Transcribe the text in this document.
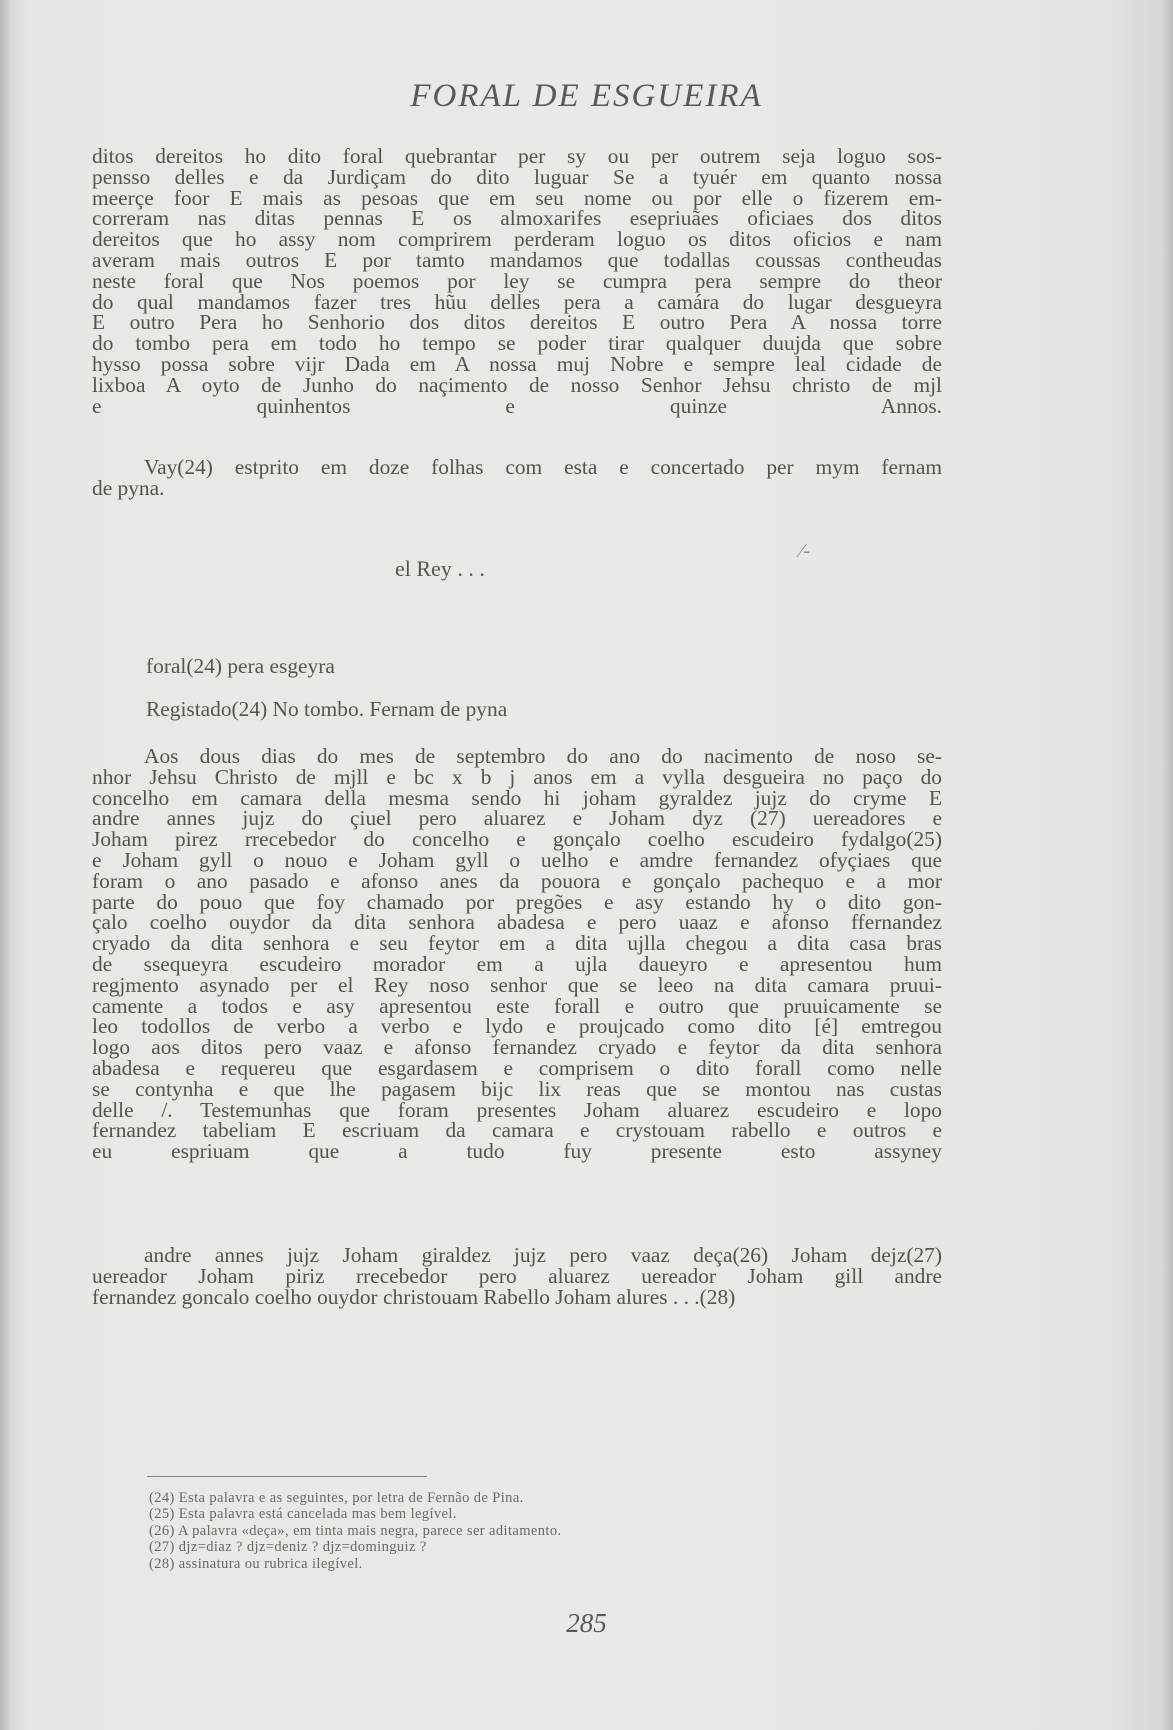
FORAL DE ESGUEIRA
ditos dereitos ho dito foral quebrantar per sy ou per outrem seja loguo sos-
pensso delles e da Jurdiçam do dito luguar Se a tyuér em quanto nossa
meerçe foor E mais as pesoas que em seu nome ou por elle o fizerem em-
correram nas ditas pennas E os almoxarifes esepriuães oficiaes dos ditos
dereitos que ho assy nom comprirem perderam loguo os ditos oficios e nam
averam mais outros E por tamto mandamos que todallas coussas contheudas
neste foral que Nos poemos por ley se cumpra pera sempre do theor
do qual mandamos fazer tres hũu delles pera a camára do lugar desgueyra
E outro Pera ho Senhorio dos ditos dereitos E outro Pera A nossa torre
do tombo pera em todo ho tempo se poder tirar qualquer duujda que sobre
hysso possa sobre vijr Dada em A nossa muj Nobre e sempre leal cidade de
lixboa A oyto de Junho do naçimento de nosso Senhor Jehsu christo de mjl
e quinhentos e quinze Annos.
Vay(24) estprito em doze folhas com esta e concertado per mym fernam
de pyna.
el Rey . . .
⁄‐
foral(24) pera esgeyra
Registado(24) No tombo. Fernam de pyna
Aos dous dias do mes de septembro do ano do nacimento de noso se-
nhor Jehsu Christo de mjll e bc x b j anos em a vylla desgueira no paço do
concelho em camara della mesma sendo hi joham gyraldez jujz do cryme E
andre annes jujz do çiuel pero aluarez e Joham dyz (27) uereadores e
Joham pirez rrecebedor do concelho e gonçalo coelho escudeiro fydalgo(25)
e Joham gyll o nouo e Joham gyll o uelho e amdre fernandez ofyçiaes que
foram o ano pasado e afonso anes da pouora e gonçalo pachequo e a mor
parte do pouo que foy chamado por pregões e asy estando hy o dito gon-
çalo coelho ouydor da dita senhora abadesa e pero uaaz e afonso ffernandez
cryado da dita senhora e seu feytor em a dita ujlla chegou a dita casa bras
de ssequeyra escudeiro morador em a ujla daueyro e apresentou hum
regjmento asynado per el Rey noso senhor que se leeo na dita camara pruui-
camente a todos e asy apresentou este forall e outro que pruuicamente se
leo todollos de verbo a verbo e lydo e proujcado como dito [é] emtregou
logo aos ditos pero vaaz e afonso fernandez cryado e feytor da dita senhora
abadesa e requereu que esgardasem e comprisem o dito forall como nelle
se contynha e que lhe pagasem bijc lix reas que se montou nas custas
delle /. Testemunhas que foram presentes Joham aluarez escudeiro e lopo
fernandez tabeliam E escriuam da camara e crystouam rabello e outros e
eu espriuam que a tudo fuy presente esto assyney
andre annes jujz Joham giraldez jujz pero vaaz deça(26) Joham dejz(27)
uereador Joham piriz rrecebedor pero aluarez uereador Joham gill andre
fernandez goncalo coelho ouydor christouam Rabello Joham alures . . .(28)
(24) Esta palavra e as seguintes, por letra de Fernão de Pina.
(25) Esta palavra está cancelada mas bem legível.
(26) A palavra «deça», em tinta mais negra, parece ser aditamento.
(27) djz=diaz ? djz=deniz ? djz=dominguiz ?
(28) assinatura ou rubrica ilegível.
285
